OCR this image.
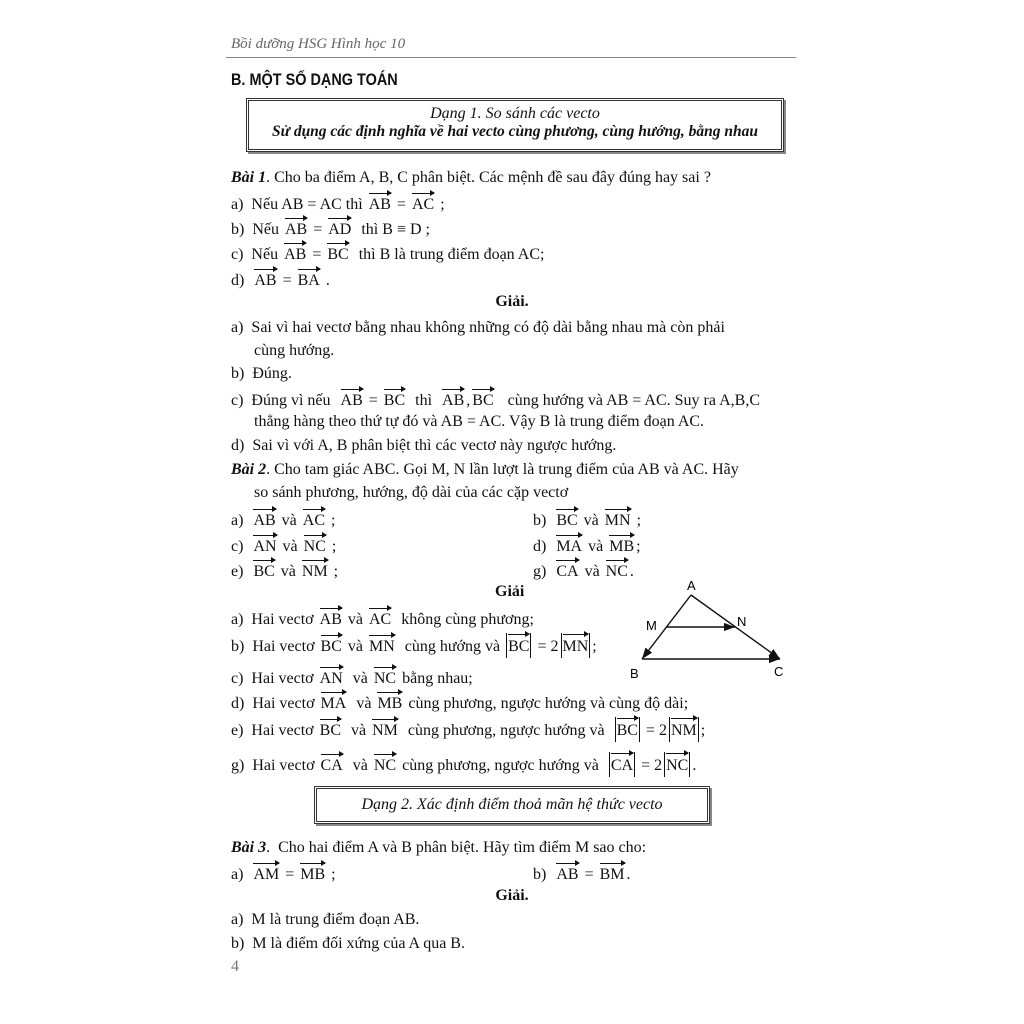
Bồi dưỡng HSG Hình học 10
B. MỘT SỐ DẠNG TOÁN
Dạng 1. So sánh các vecto
Sử dụng các định nghĩa về hai vecto cùng phương, cùng hướng, bằng nhau
Dạng 2. Xác định điểm thoả mãn hệ thức vecto
Bài 1. Cho ba điểm A, B, C phân biệt. Các mệnh đề sau đây đúng hay sai ?
a)  Nếu AB = AC thì AB = AC ;
b)  Nếu AB = AD  thì B ≡ D ;
c)  Nếu AB = BC  thì B là trung điểm đoạn AC;
d)  AB = BA .
Giải.
a)  Sai vì hai vectơ bằng nhau không những có độ dài bằng nhau mà còn phải
cùng hướng.
b)  Đúng.
c)  Đúng vì nếu  AB = BC  thì  AB , BC   cùng hướng và AB = AC. Suy ra A,B,C
thẳng hàng theo thứ tự đó và AB = AC. Vậy B là trung điểm đoạn AC.
d)  Sai vì với A, B phân biệt thì các vectơ này ngược hướng.
Bài 2. Cho tam giác ABC. Gọi M, N lần lượt là trung điểm của AB và AC. Hãy
so sánh phương, hướng, độ dài của các cặp vectơ
a)  AB và AC ;	b)  BC và MN ;
c)  AN và NC ;	d)  MA và MB ;
e)  BC và NM ;	g)  CA và NC .
Giải
a)  Hai vectơ AB và AC  không cùng phương;
b)  Hai vectơ BC và MN  cùng hướng và BC = 2 MN ;
c)  Hai vectơ AN  và NC bằng nhau;
d)  Hai vectơ MA  và MB cùng phương, ngược hướng và cùng độ dài;
e)  Hai vectơ BC  và NM  cùng phương, ngược hướng và  BC = 2 NM ;
g)  Hai vectơ CA  và NC cùng phương, ngược hướng và  CA = 2 NC .
Bài 3.  Cho hai điểm A và B phân biệt. Hãy tìm điểm M sao cho:
a)  AM = MB ;	b)  AB = BM .
Giải.
a)  M là trung điểm đoạn AB.
b)  M là điểm đối xứng của A qua B.
A
M	N
B	C
4
